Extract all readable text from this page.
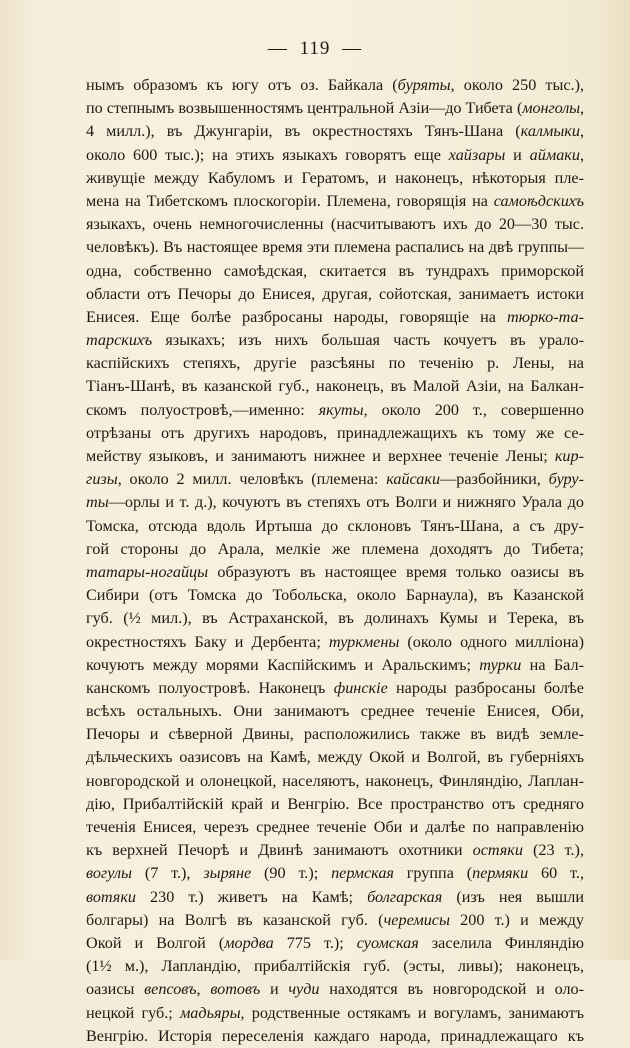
— 119 —
нымъ образомъ къ югу отъ оз. Байкала (буряты, около 250 тыс.),
по степнымъ возвышенностямъ центральной Азіи—до Тибета (монголы,
4 милл.), въ Джунгаріи, въ окрестностяхъ Тянъ-Шана (калмыки,
около 600 тыс.); на этихъ языкахъ говорятъ еще хайзары и аймаки,
живущіе между Кабуломъ и Гератомъ, и наконецъ, нѣкоторыя пле-
мена на Тибетскомъ плоскогоріи. Племена, говорящія на самоѣдскихъ
языкахъ, очень немногочисленны (насчитываютъ ихъ до 20—30 тыс.
человѣкъ). Въ настоящее время эти племена распались на двѣ группы—
одна, собственно самоѣдская, скитается въ тундрахъ приморской
области отъ Печоры до Енисея, другая, сойотская, занимаетъ истоки
Енисея. Еще болѣе разбросаны народы, говорящіе на тюрко-та-
тарскихъ языкахъ; изъ нихъ большая часть кочуетъ въ урало-
каспійскихъ степяхъ, другіе разсѣяны по теченію р. Лены, на
Тіанъ-Шанѣ, въ казанской губ., наконецъ, въ Малой Азіи, на Балкан-
скомъ полуостровѣ,—именно: якуты, около 200 т., совершенно
отрѣзаны отъ другихъ народовъ, принадлежащихъ къ тому же се-
мейству языковъ, и занимаютъ нижнее и верхнее теченіе Лены; кир-
гизы, около 2 милл. человѣкъ (племена: кайсаки—разбойники, буру-
ты—орлы и т. д.), кочуютъ въ степяхъ отъ Волги и нижняго Урала до
Томска, отсюда вдоль Иртыша до склоновъ Тянъ-Шана, а съ дру-
гой стороны до Арала, мелкіе же племена доходятъ до Тибета;
татары-ногайцы образуютъ въ настоящее время только оазисы въ
Сибири (отъ Томска до Тобольска, около Барнаула), въ Казанской
губ. (½ мил.), въ Астраханской, въ долинахъ Кумы и Терека, въ
окрестностяхъ Баку и Дербента; туркмены (около одного милліона)
кочуютъ между морями Каспійскимъ и Аральскимъ; турки на Бал-
канскомъ полуостровѣ. Наконецъ финскіе народы разбросаны болѣе
всѣхъ остальныхъ. Они занимаютъ среднее теченіе Енисея, Оби,
Печоры и сѣверной Двины, расположились также въ видѣ земле-
дѣльческихъ оазисовъ на Камѣ, между Окой и Волгой, въ губерніяхъ
новгородской и олонецкой, населяютъ, наконецъ, Финляндію, Лаплан-
дію, Прибалтійскій край и Венгрію. Все пространство отъ средняго
теченія Енисея, черезъ среднее теченіе Оби и далѣе по направленію
къ верхней Печорѣ и Двинѣ занимаютъ охотники остяки (23 т.),
вогулы (7 т.), зыряне (90 т.); пермская группа (пермяки 60 т.,
вотяки 230 т.) живетъ на Камѣ; болгарская (изъ нея вышли
болгары) на Волгѣ въ казанской губ. (черемисы 200 т.) и между
Окой и Волгой (мордва 775 т.); суомская заселила Финляндію
(1½ м.), Лапландію, прибалтійскія губ. (эсты, ливы); наконецъ,
оазисы вепсовъ, вотовъ и чуди находятся въ новгородской и оло-
нецкой губ.; мадьяры, родственные остякамъ и вогуламъ, занимаютъ
Венгрію. Исторія переселенія каждаго народа, принадлежащаго къ
